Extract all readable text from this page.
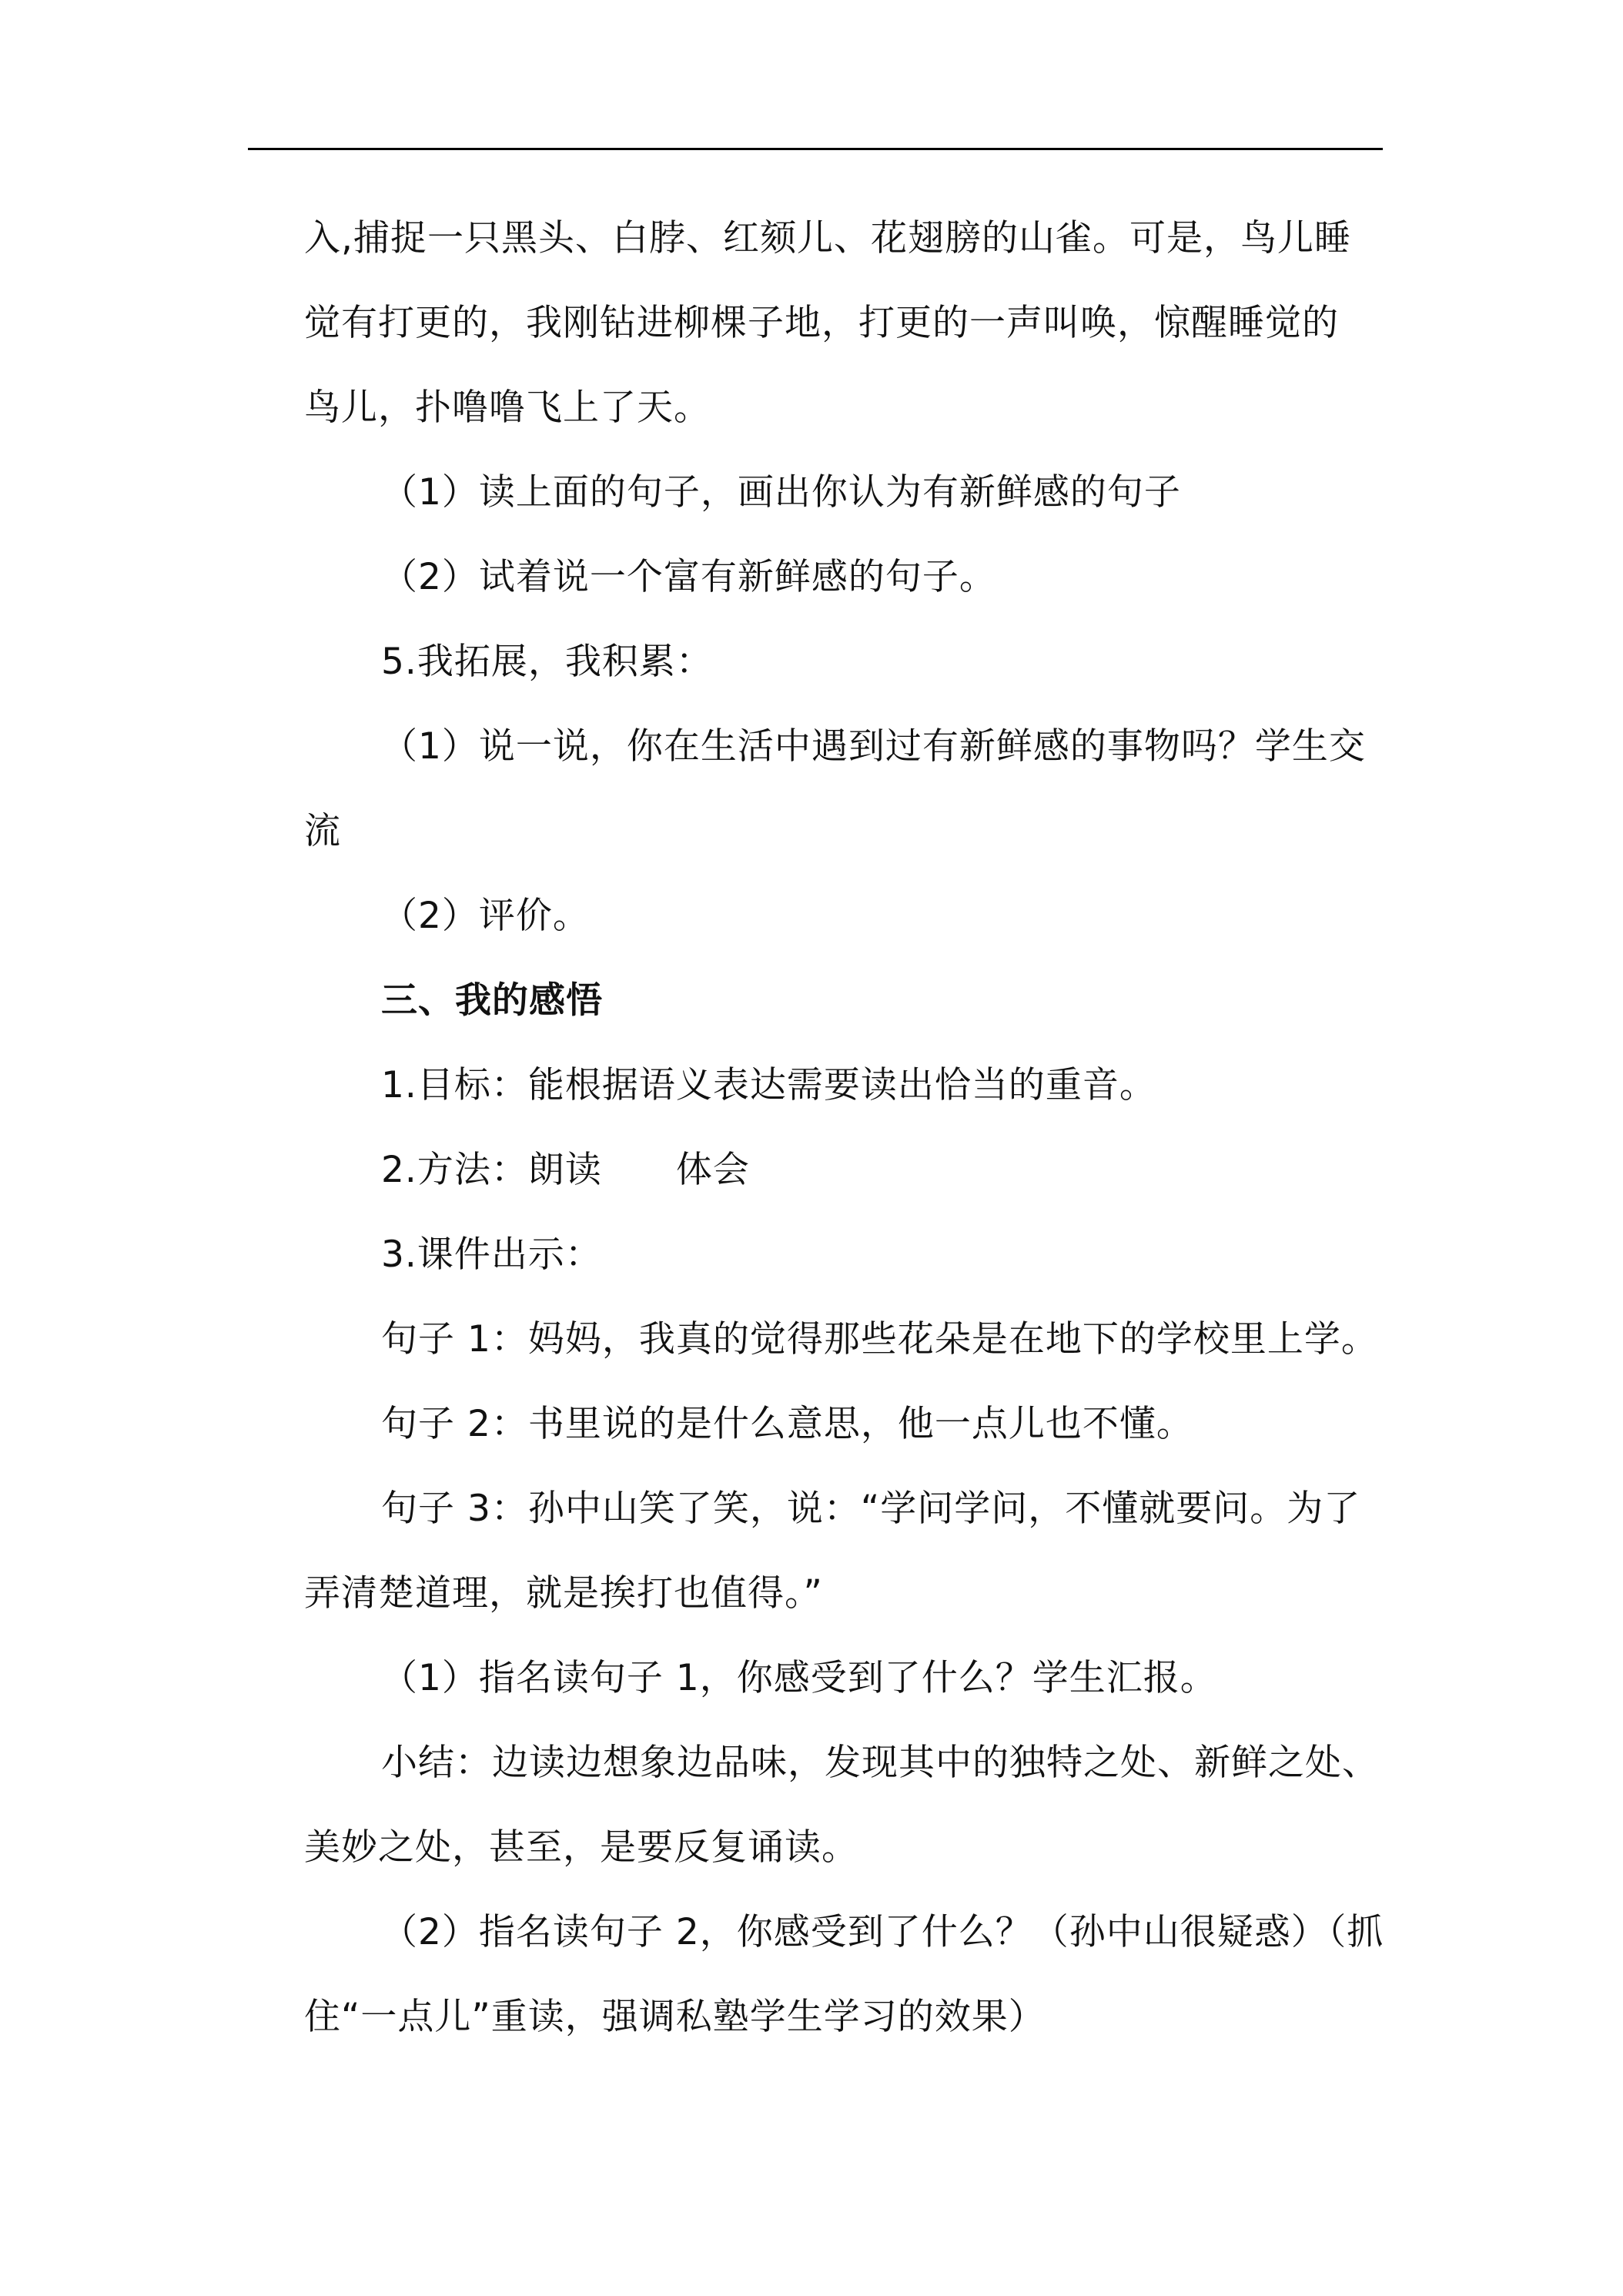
入,捕捉一只黑头、白脖、红颏儿、花翅膀的山雀。可是，鸟儿睡
觉有打更的，我刚钻进柳棵子地，打更的一声叫唤，惊醒睡觉的
鸟儿，扑噜噜飞上了天。
（1）读上面的句子，画出你认为有新鲜感的句子
（2）试着说一个富有新鲜感的句子。
5.我拓展，我积累：
（1）说一说，你在生活中遇到过有新鲜感的事物吗？学生交
流
（2）评价。
三、我的感悟
1.目标：能根据语义表达需要读出恰当的重音。
2.方法：朗读　　体会
3.课件出示：
句子 1：妈妈，我真的觉得那些花朵是在地下的学校里上学。
句子 2：书里说的是什么意思，他一点儿也不懂。
句子 3：孙中山笑了笑，说：“学问学问，不懂就要问。为了
弄清楚道理，就是挨打也值得。”
（1）指名读句子 1，你感受到了什么？学生汇报。
小结：边读边想象边品味，发现其中的独特之处、新鲜之处、
美妙之处，甚至，是要反复诵读。
（2）指名读句子 2，你感受到了什么？（孙中山很疑惑）（抓
住“一点儿”重读，强调私塾学生学习的效果）
